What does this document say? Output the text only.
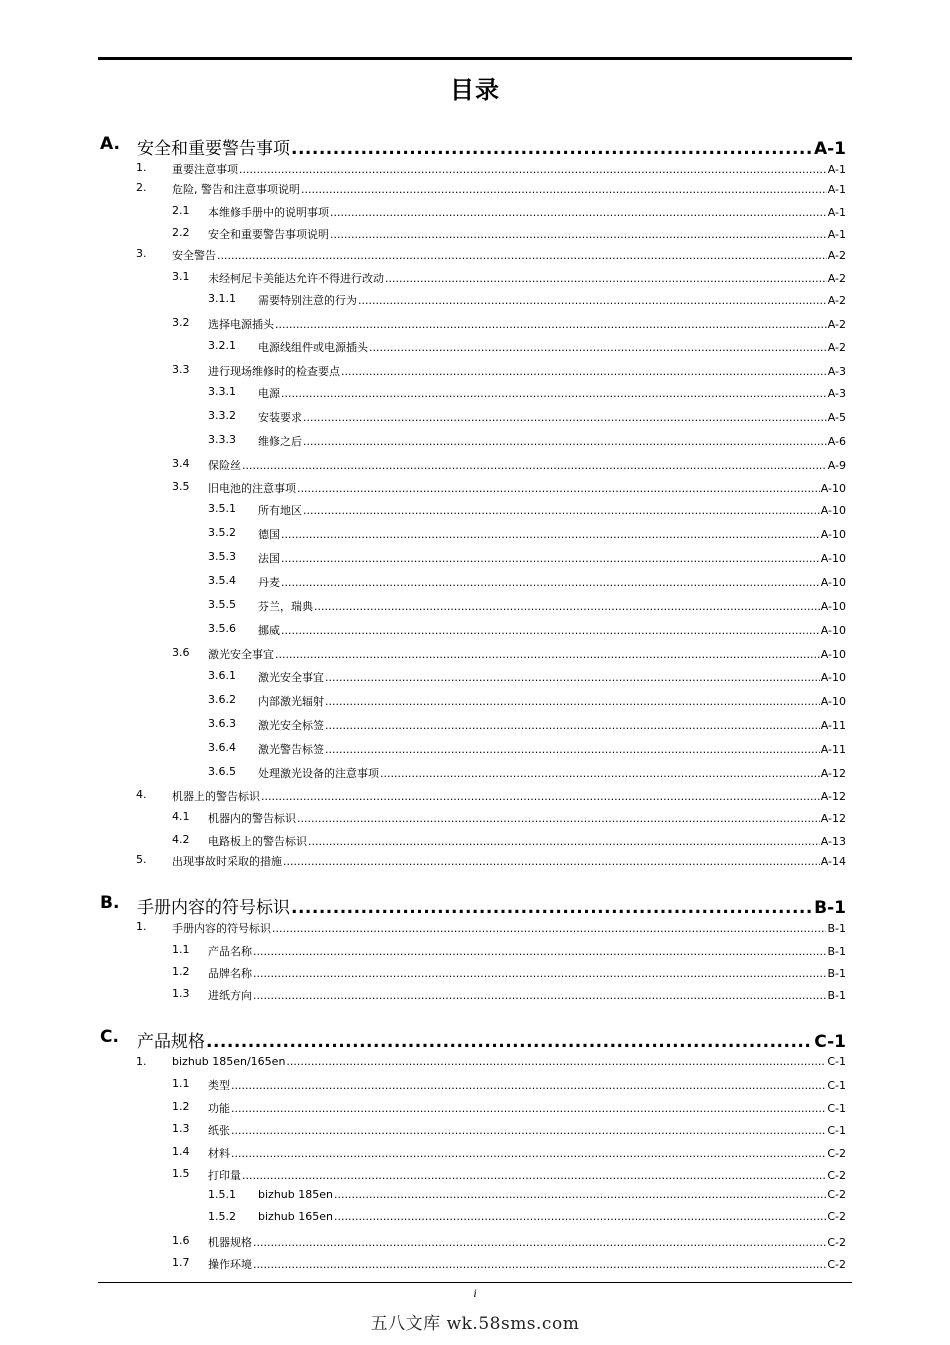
目录
A. 安全和重要警告事项 .....	A-1
1. 重要注意事项 .....	A-1
2. 危险, 警告和注意事项说明 .....	A-1
2.1 本维修手册中的说明事项 .....	A-1
2.2 安全和重要警告事项说明 .....	A-1
3. 安全警告 .....	A-2
3.1 未经柯尼卡美能达允许不得进行改动 .....	A-2
3.1.1 需要特别注意的行为 .....	A-2
3.2 选择电源插头 .....	A-2
3.2.1 电源线组件或电源插头 .....	A-2
3.3 进行现场维修时的检查要点 .....	A-3
3.3.1 电源 .....	A-3
3.3.2 安装要求 .....	A-5
3.3.3 维修之后 .....	A-6
3.4 保险丝 .....	A-9
3.5 旧电池的注意事项 .....	A-10
3.5.1 所有地区 .....	A-10
3.5.2 德国 .....	A-10
3.5.3 法国 .....	A-10
3.5.4 丹麦 .....	A-10
3.5.5 芬兰，瑞典 .....	A-10
3.5.6 挪威 .....	A-10
3.6 激光安全事宜 .....	A-10
3.6.1 激光安全事宜 .....	A-10
3.6.2 内部激光辐射 .....	A-10
3.6.3 激光安全标签 .....	A-11
3.6.4 激光警告标签 .....	A-11
3.6.5 处理激光设备的注意事项 .....	A-12
4. 机器上的警告标识 .....	A-12
4.1 机器内的警告标识 .....	A-12
4.2 电路板上的警告标识 .....	A-13
5. 出现事故时采取的措施 .....	A-14
B. 手册内容的符号标识 .....	B-1
1. 手册内容的符号标识 .....	B-1
1.1 产品名称 .....	B-1
1.2 品牌名称 .....	B-1
1.3 进纸方向 .....	B-1
C. 产品规格 .....	C-1
1. bizhub 185en/165en .....	C-1
1.1 类型 .....	C-1
1.2 功能 .....	C-1
1.3 纸张 .....	C-1
1.4 材料 .....	C-2
1.5 打印量 .....	C-2
1.5.1 bizhub 185en .....	C-2
1.5.2 bizhub 165en .....	C-2
1.6 机器规格 .....	C-2
1.7 操作环境 .....	C-2
i
五八文库 wk.58sms.com
